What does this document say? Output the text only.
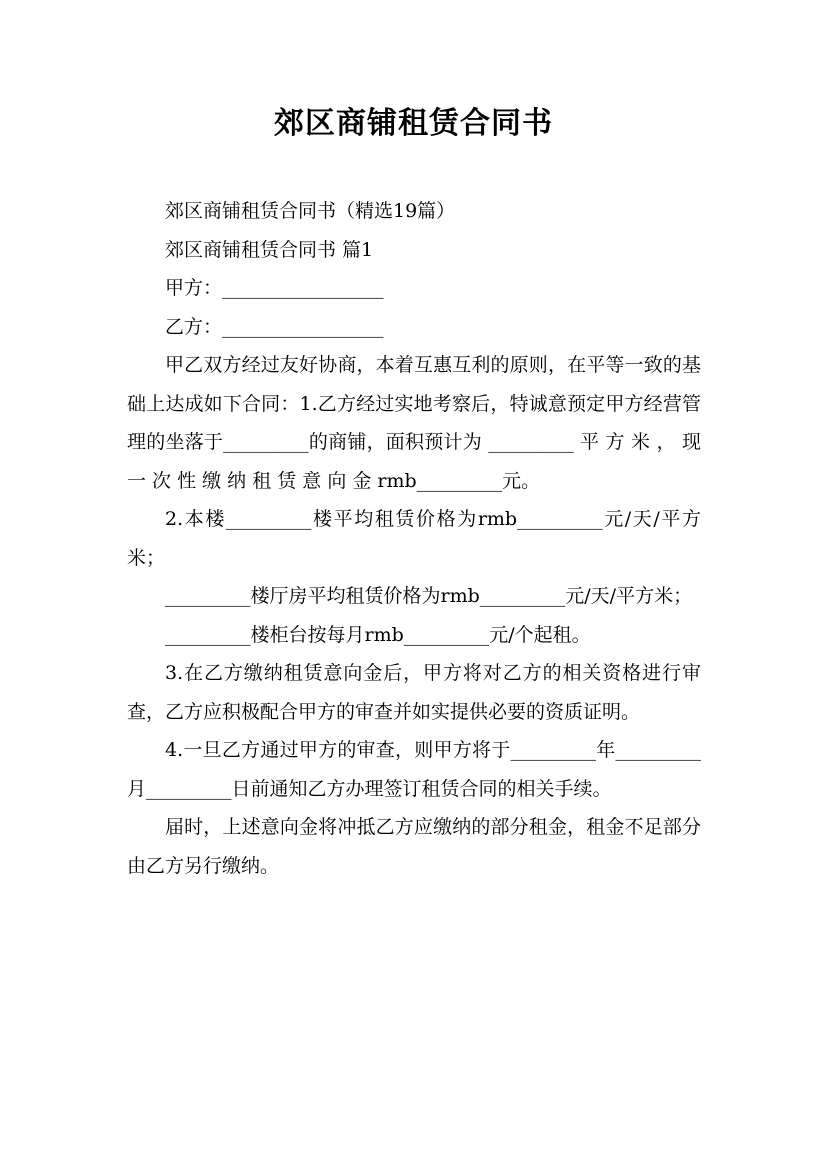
郊区商铺租赁合同书

郊区商铺租赁合同书（精选19篇）

郊区商铺租赁合同书 篇1

甲方：_________________

乙方：_________________

甲乙双方经过友好协商，本着互惠互利的原则，在平等一致的基础上达成如下合同：1.乙方经过实地考察后，特诚意预定甲方经营管理的坐落于_________的商铺，面积预计为 _________ 平 方 米 ， 现 一 次 性 缴 纳 租 赁 意 向 金 rmb_________元。

2.本楼_________楼平均租赁价格为rmb_________元/天/平方米；

_________楼厅房平均租赁价格为rmb_________元/天/平方米；

_________楼柜台按每月rmb_________元/个起租。

3.在乙方缴纳租赁意向金后，甲方将对乙方的相关资格进行审查，乙方应积极配合甲方的审查并如实提供必要的资质证明。

4.一旦乙方通过甲方的审查，则甲方将于_________年_________月_________日前通知乙方办理签订租赁合同的相关手续。

届时，上述意向金将冲抵乙方应缴纳的部分租金，租金不足部分由乙方另行缴纳。
